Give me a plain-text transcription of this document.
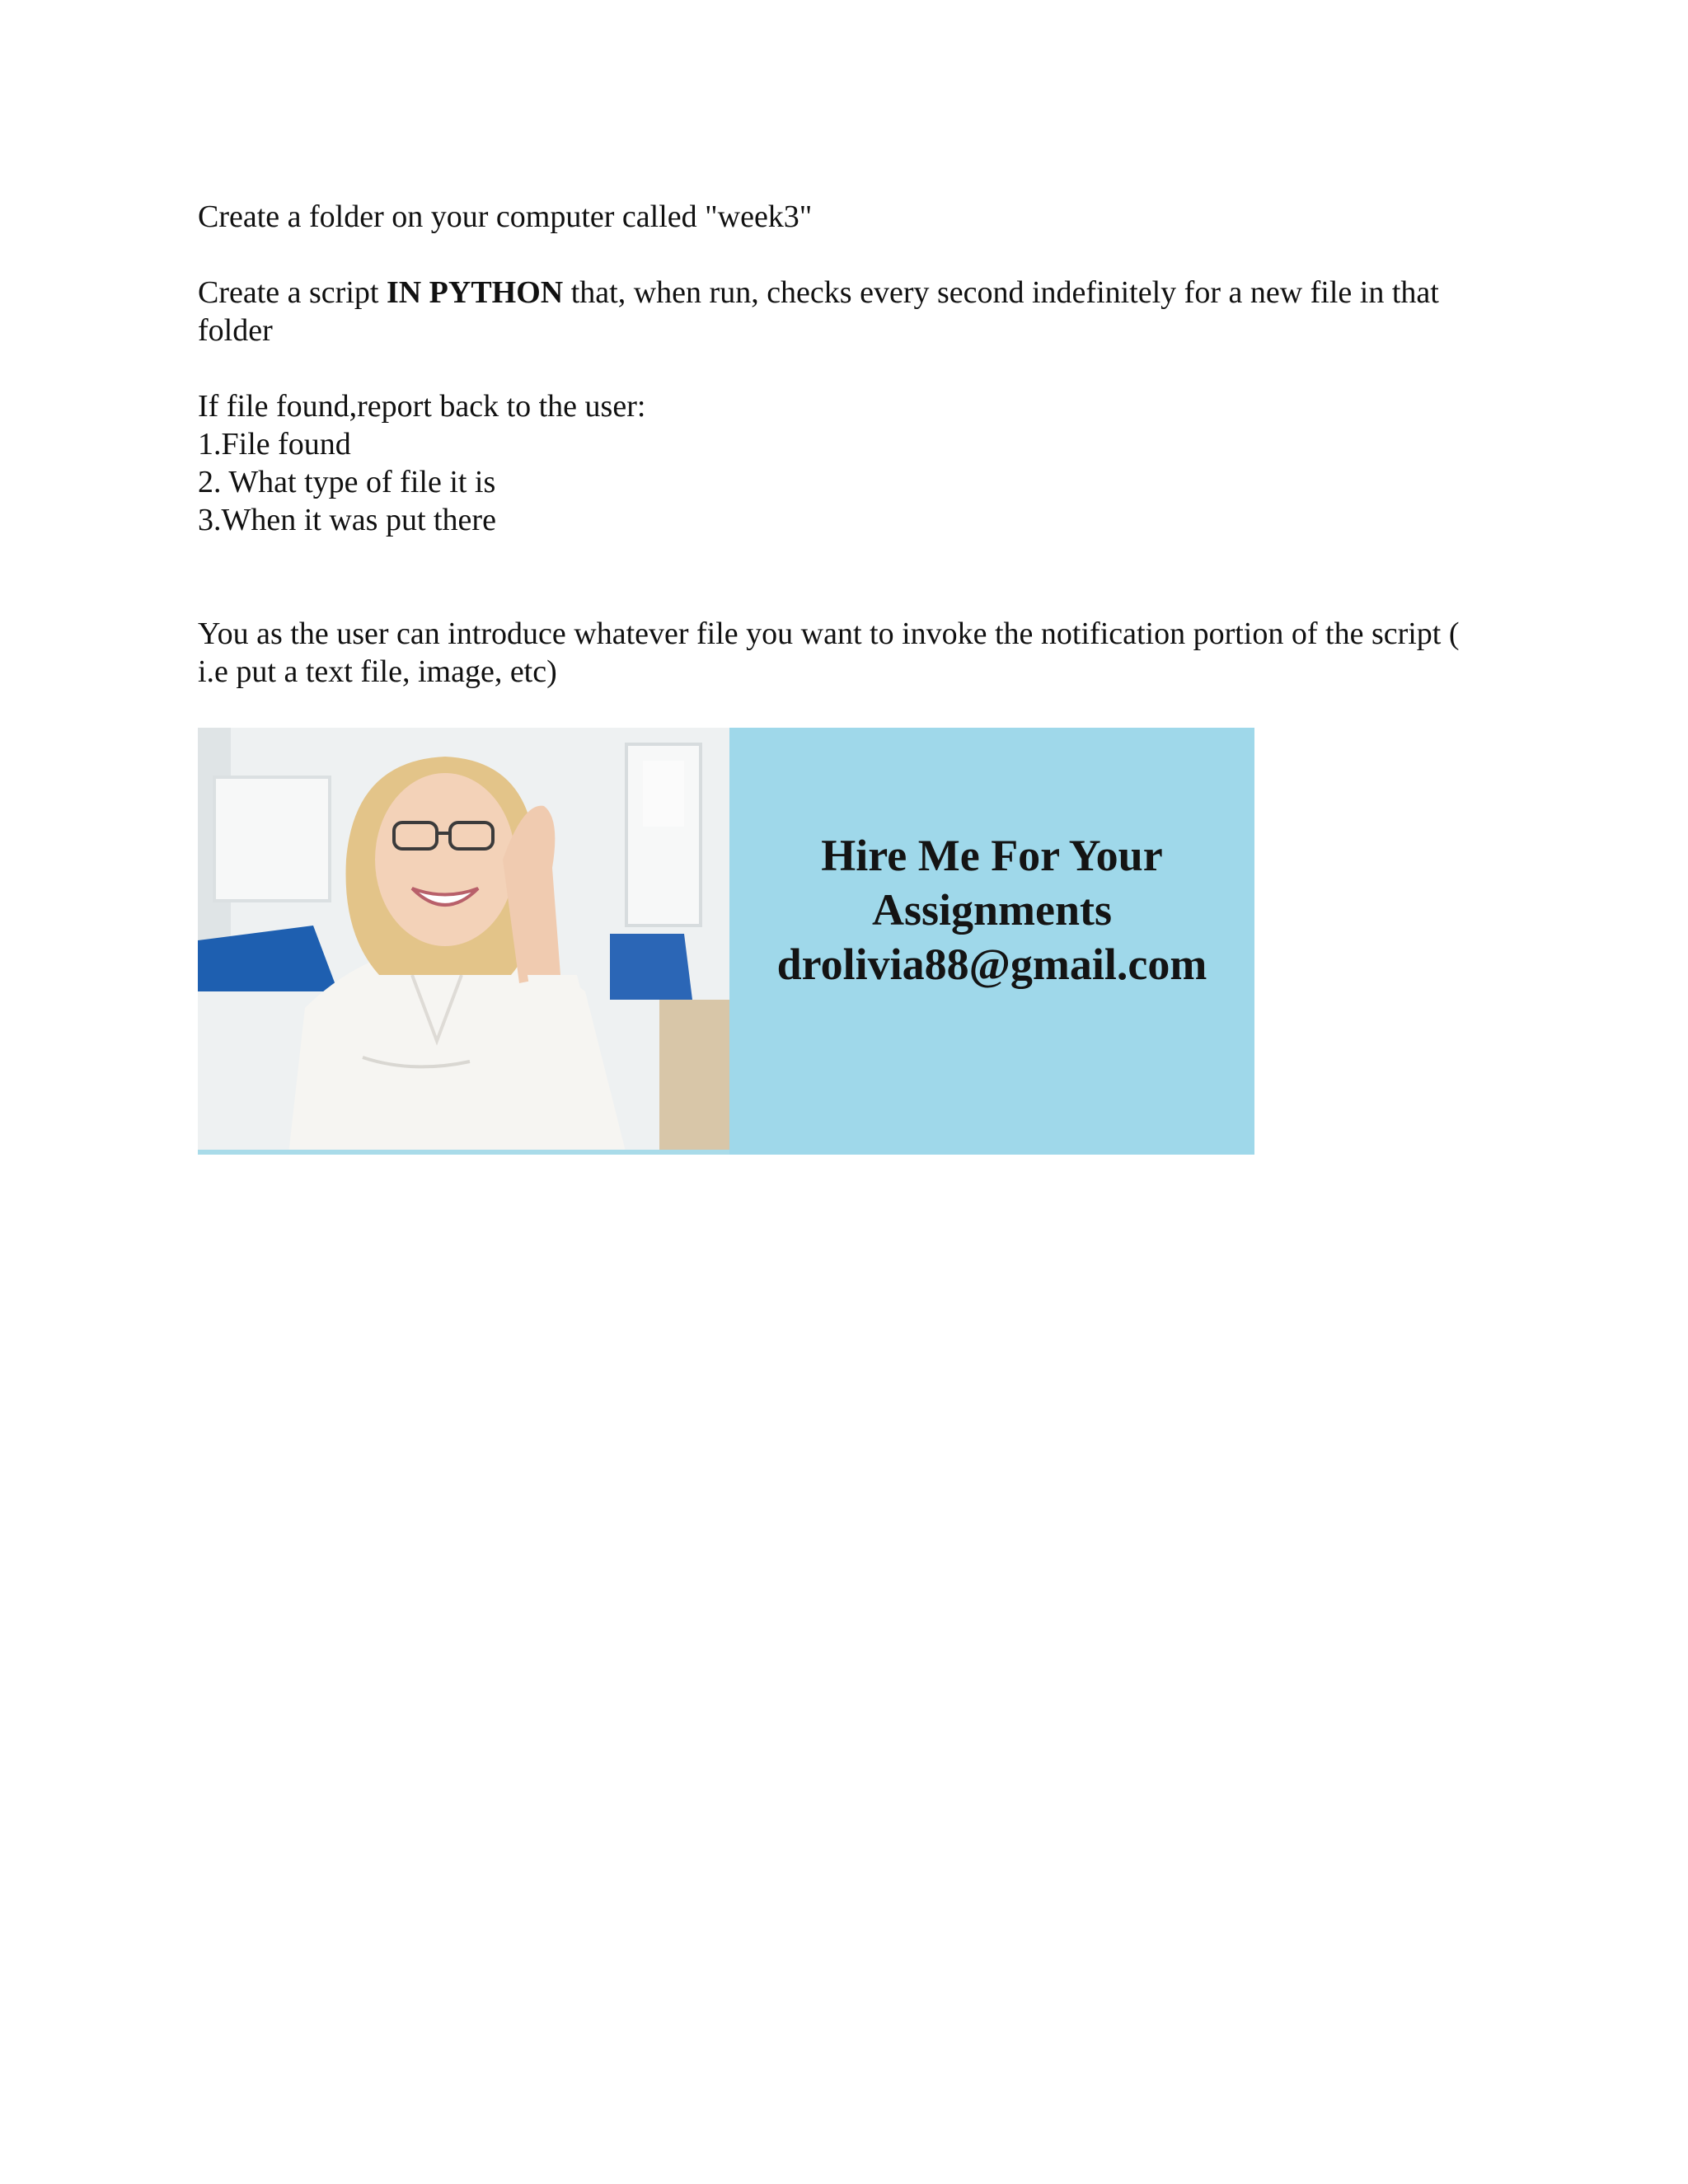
Create a folder on your computer called "week3"
Create a script IN PYTHON that, when run, checks every second indefinitely for a new file in that folder
If file found,report back to the user:
1.File found
2. What type of file it is
3.When it was put there
You as the user can introduce whatever file you want to invoke the notification portion of the script ( i.e put a text file, image, etc)
Hire Me For Your
Assignments
drolivia88@gmail.com
